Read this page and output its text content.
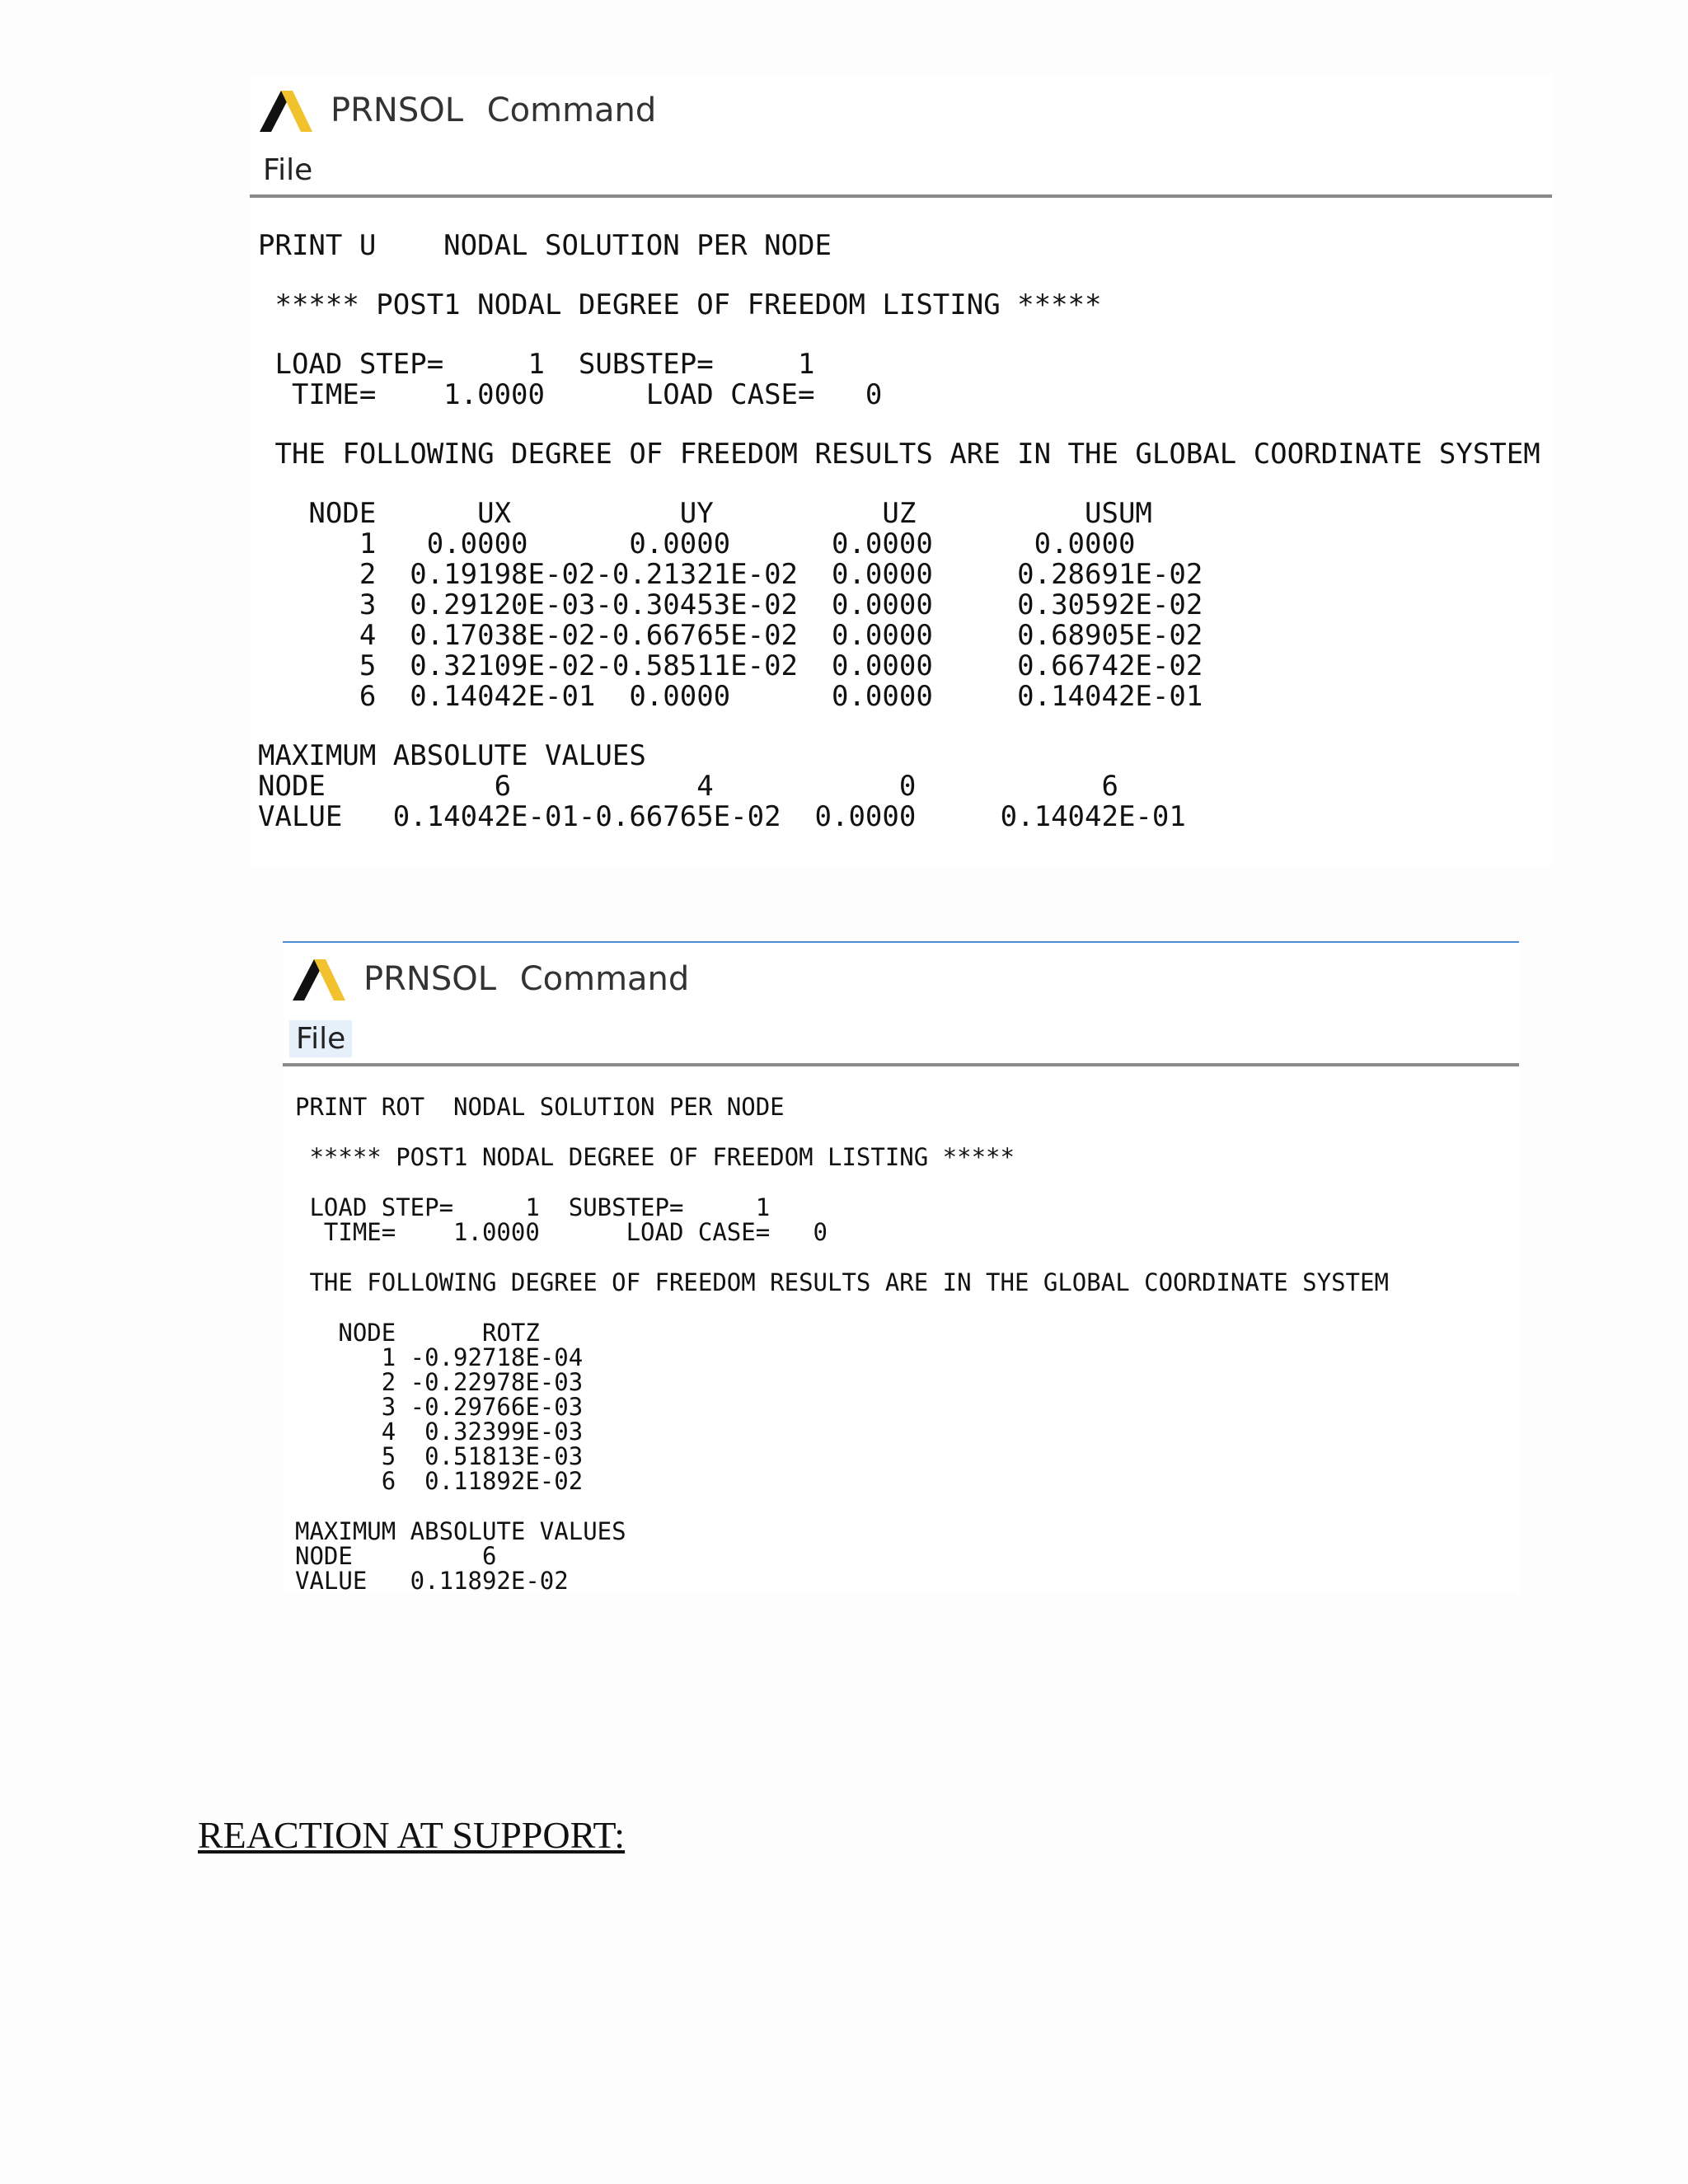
PRNSOL Command
File
PRINT U    NODAL SOLUTION PER NODE
***** POST1 NODAL DEGREE OF FREEDOM LISTING *****
LOAD STEP=     1  SUBSTEP=     1
TIME=    1.0000      LOAD CASE=   0
THE FOLLOWING DEGREE OF FREEDOM RESULTS ARE IN THE GLOBAL COORDINATE SYSTEM
NODE      UX          UY          UZ          USUM
1   0.0000      0.0000      0.0000      0.0000
2  0.19198E-02-0.21321E-02  0.0000     0.28691E-02
3  0.29120E-03-0.30453E-02  0.0000     0.30592E-02
4  0.17038E-02-0.66765E-02  0.0000     0.68905E-02
5  0.32109E-02-0.58511E-02  0.0000     0.66742E-02
6  0.14042E-01  0.0000      0.0000     0.14042E-01
MAXIMUM ABSOLUTE VALUES
NODE          6           4           0           6
VALUE   0.14042E-01-0.66765E-02  0.0000     0.14042E-01
PRNSOL Command
File
PRINT ROT  NODAL SOLUTION PER NODE
***** POST1 NODAL DEGREE OF FREEDOM LISTING *****
LOAD STEP=     1  SUBSTEP=     1
TIME=    1.0000      LOAD CASE=   0
THE FOLLOWING DEGREE OF FREEDOM RESULTS ARE IN THE GLOBAL COORDINATE SYSTEM
NODE      ROTZ
1 -0.92718E-04
2 -0.22978E-03
3 -0.29766E-03
4  0.32399E-03
5  0.51813E-03
6  0.11892E-02
MAXIMUM ABSOLUTE VALUES
NODE         6
VALUE   0.11892E-02
REACTION AT SUPPORT:
